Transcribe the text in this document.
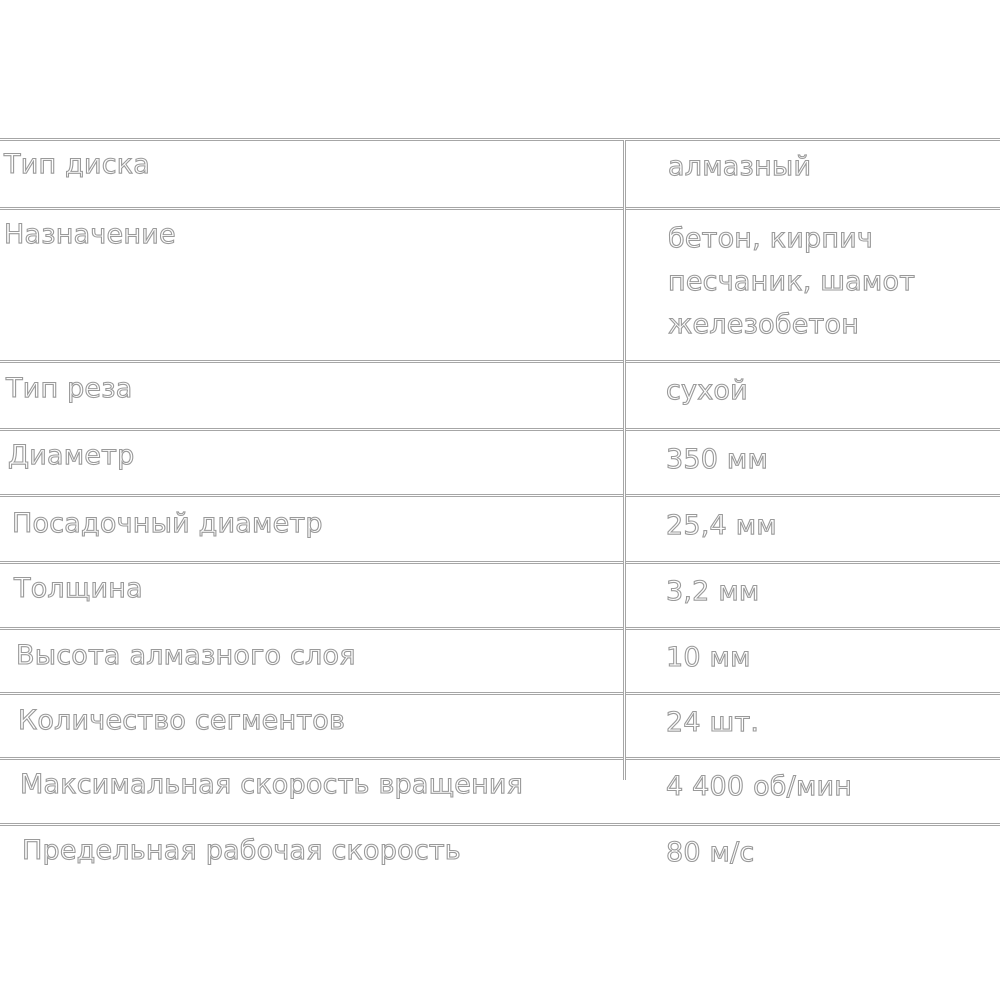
Тип диска	алмазный
Назначение	бетон, кирпич
песчаник, шамот
железобетон
Тип реза	сухой
Диаметр	350 мм
Посадочный диаметр	25,4 мм
Толщина	3,2 мм
Высота алмазного слоя	10 мм
Количество сегментов	24 шт.
Максимальная скорость вращения	4 400 об/мин
Предельная рабочая скорость	80 м/с
